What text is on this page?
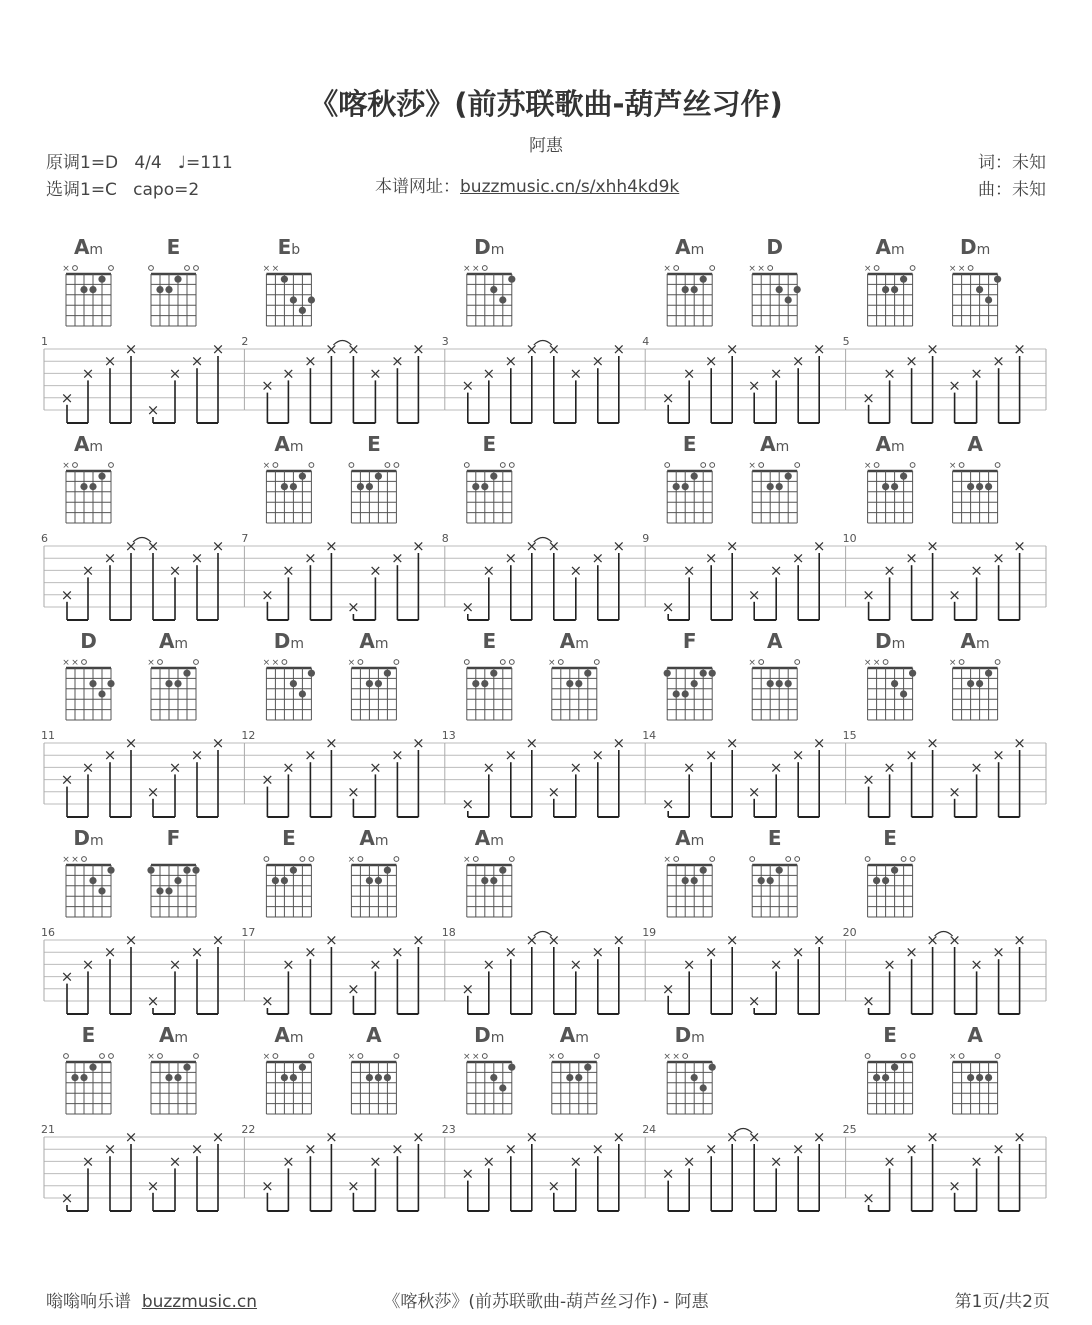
《喀秋莎》(前苏联歌曲-葫芦丝习作)
阿惠
原调1=D   4/4   ♩=111
选调1=C   capo=2	本谱网址：buzzmusic.cn/s/xhh4kd9k
词：未知
曲：未知
1
Am
×
E
×
×
×
×
×
×
×
× 2
Eb
× ×
×
×
×
× ×
×
×
× 3
Dm
× ×
×
×
×
× ×
×
×
× 4
Am
×
D
× ×
×
×
×
×
×
×
×
× 5
Am
×
Dm
× ×
×
×
×
×
×
×
×
×
6
Am
×
×
×
×
× ×
×
×
× 7
Am
×
E
×
×
×
×
×
×
×
× 8
E
×
×
×
× ×
×
×
× 9
E	Am
×
×
×
×
×
×
×
×
× 10
Am
×
A
×
×
×
×
×
×
×
×
×
11
D
× ×
Am
×
×
×
×
×
×
×
×
× 12
Dm
× ×
Am
×
×
×
×
×
×
×
×
× 13
E	Am
×
×
×
×
×
×
×
×
× 14
F	A
×
×
×
×
×
×
×
×
× 15
Dm
× ×
Am
×
×
×
×
×
×
×
×
×
16
Dm
× ×
F
×
×
×
×
×
×
×
× 17
E	Am
×
×
×
×
×
×
×
×
× 18
Am
×
×
×
×
× ×
×
×
× 19
Am
×
E
×
×
×
×
×
×
×
× 20
E
×
×
×
× ×
×
×
×
21
E	Am
×
×
×
×
×
×
×
×
× 22
Am
×
A
×
×
×
×
×
×
×
×
× 23
Dm
× ×
Am
×
×
×
×
×
×
×
×
× 24
Dm
× ×
×
×
×
× ×
×
×
× 25
E	A
×
×
×
×
×
×
×
×
×
嗡嗡响乐谱 buzzmusic.cn	《喀秋莎》(前苏联歌曲-葫芦丝习作) - 阿惠	第1页/共2页
